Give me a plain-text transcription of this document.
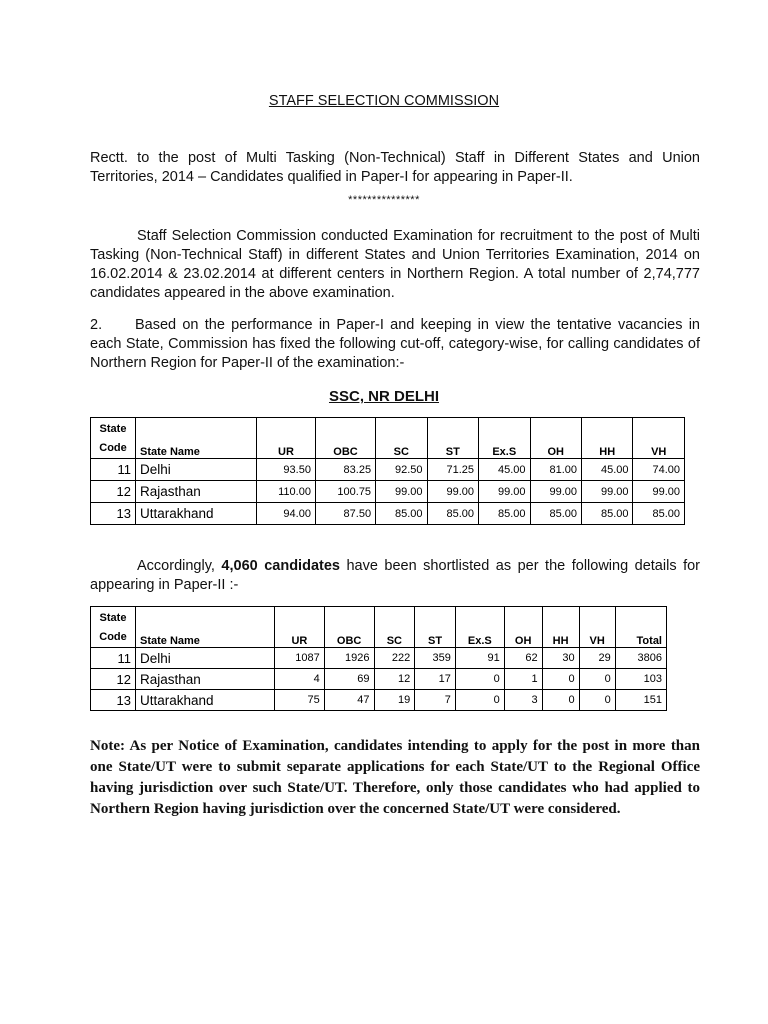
STAFF SELECTION COMMISSION
Rectt. to the post of Multi Tasking (Non-Technical) Staff in Different States and Union Territories, 2014 – Candidates qualified in Paper-I for appearing in Paper-II.
***************
Staff Selection Commission conducted Examination for recruitment to the post of Multi Tasking (Non-Technical Staff) in different States and Union Territories Examination, 2014 on 16.02.2014 & 23.02.2014 at different centers in Northern Region. A total number of 2,74,777 candidates appeared in the above examination.
2. Based on the performance in Paper-I and keeping in view the tentative vacancies in each State, Commission has fixed the following cut-off, category-wise, for calling candidates of Northern Region for Paper-II of the examination:-
SSC, NR DELHI
State
Code	State Name	UR	OBC	SC	ST	Ex.S	OH	HH	VH
11	Delhi	93.50	83.25	92.50	71.25	45.00	81.00	45.00	74.00
12	Rajasthan	110.00	100.75	99.00	99.00	99.00	99.00	99.00	99.00
13	Uttarakhand	94.00	87.50	85.00	85.00	85.00	85.00	85.00	85.00
Accordingly, 4,060 candidates have been shortlisted as per the following details for appearing in Paper-II :-
State
Code	State Name	UR	OBC	SC	ST	Ex.S	OH	HH	VH	Total
11	Delhi	1087	1926	222	359	91	62	30	29	3806
12	Rajasthan	4	69	12	17	0	1	0	0	103
13	Uttarakhand	75	47	19	7	0	3	0	0	151
Note: As per Notice of Examination, candidates intending to apply for the post in more than one State/UT were to submit separate applications for each State/UT to the Regional Office having jurisdiction over such State/UT. Therefore, only those candidates who had applied to Northern Region having jurisdiction over the concerned State/UT were considered.
